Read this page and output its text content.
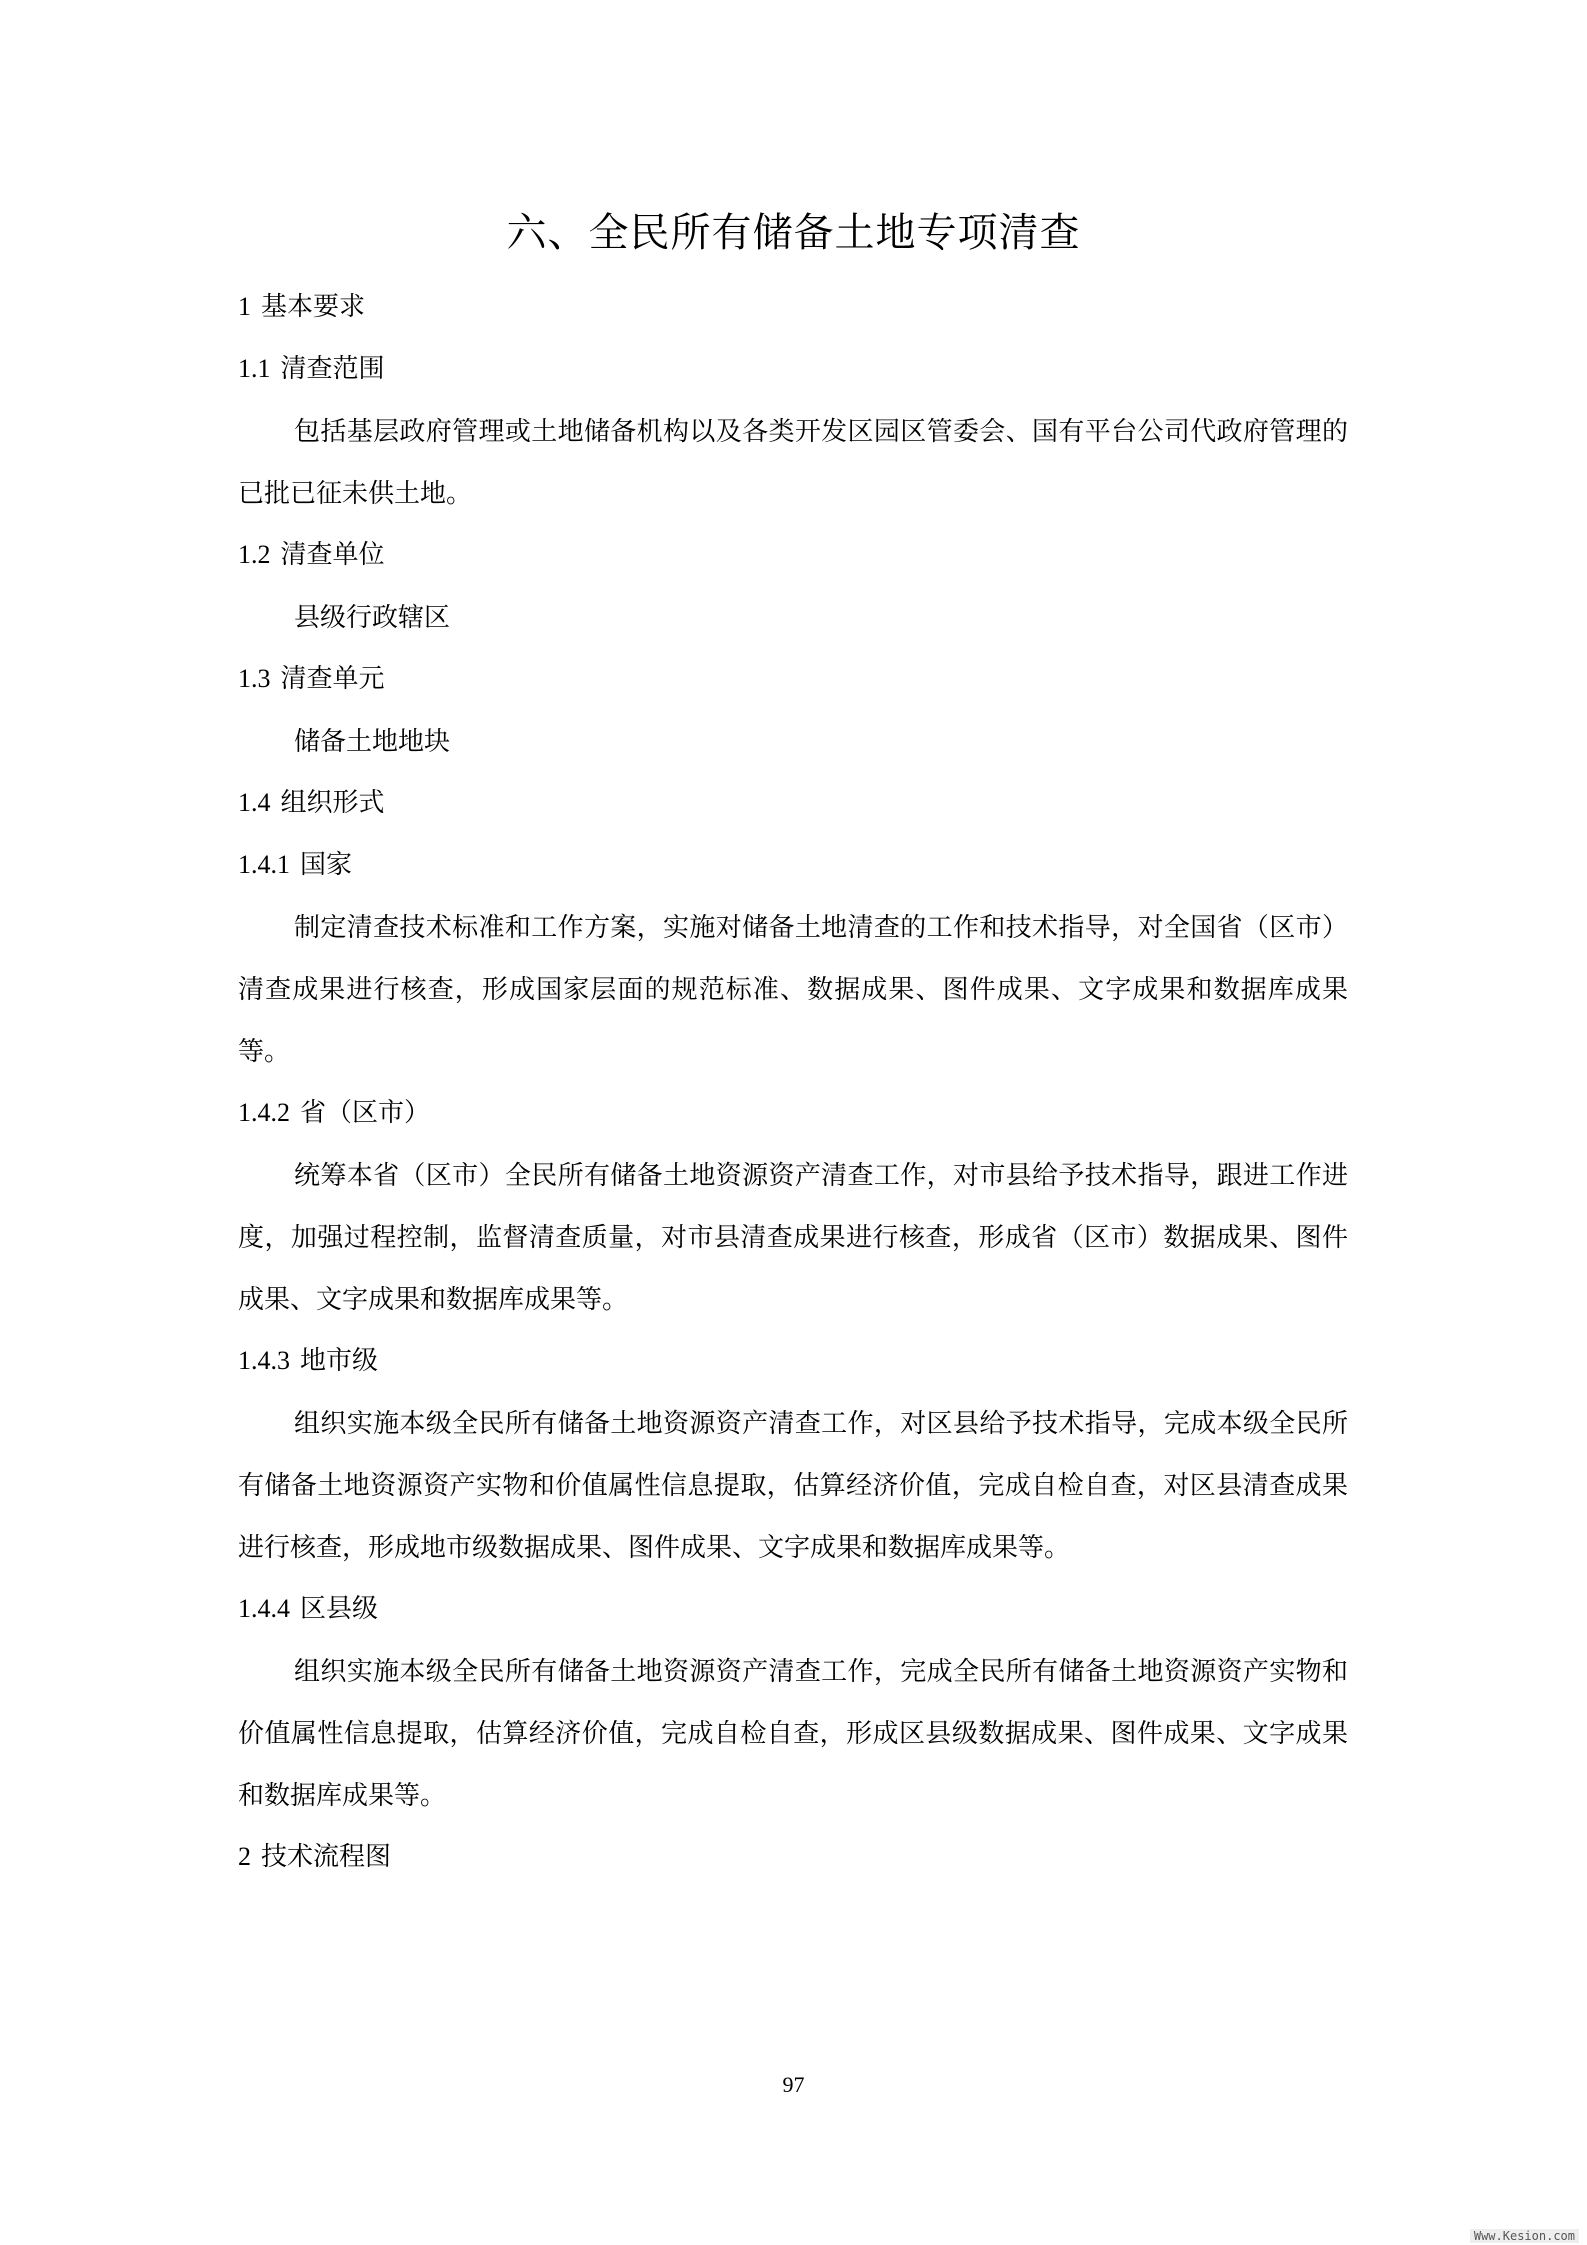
六、全民所有储备土地专项清查
1 基本要求
1.1 清查范围
包括基层政府管理或土地储备机构以及各类开发区园区管委会、国有平台公司代政府管理的已批已征未供土地。
1.2 清查单位
县级行政辖区
1.3 清查单元
储备土地地块
1.4 组织形式
1.4.1 国家
制定清查技术标准和工作方案，实施对储备土地清查的工作和技术指导，对全国省（区市）清查成果进行核查，形成国家层面的规范标准、数据成果、图件成果、文字成果和数据库成果等。
1.4.2 省（区市）
统筹本省（区市）全民所有储备土地资源资产清查工作，对市县给予技术指导，跟进工作进度，加强过程控制，监督清查质量，对市县清查成果进行核查，形成省（区市）数据成果、图件成果、文字成果和数据库成果等。
1.4.3 地市级
组织实施本级全民所有储备土地资源资产清查工作，对区县给予技术指导，完成本级全民所有储备土地资源资产实物和价值属性信息提取，估算经济价值，完成自检自查，对区县清查成果进行核查，形成地市级数据成果、图件成果、文字成果和数据库成果等。
1.4.4 区县级
组织实施本级全民所有储备土地资源资产清查工作，完成全民所有储备土地资源资产实物和价值属性信息提取，估算经济价值，完成自检自查，形成区县级数据成果、图件成果、文字成果和数据库成果等。
2 技术流程图
97
Www.Kesion.com
